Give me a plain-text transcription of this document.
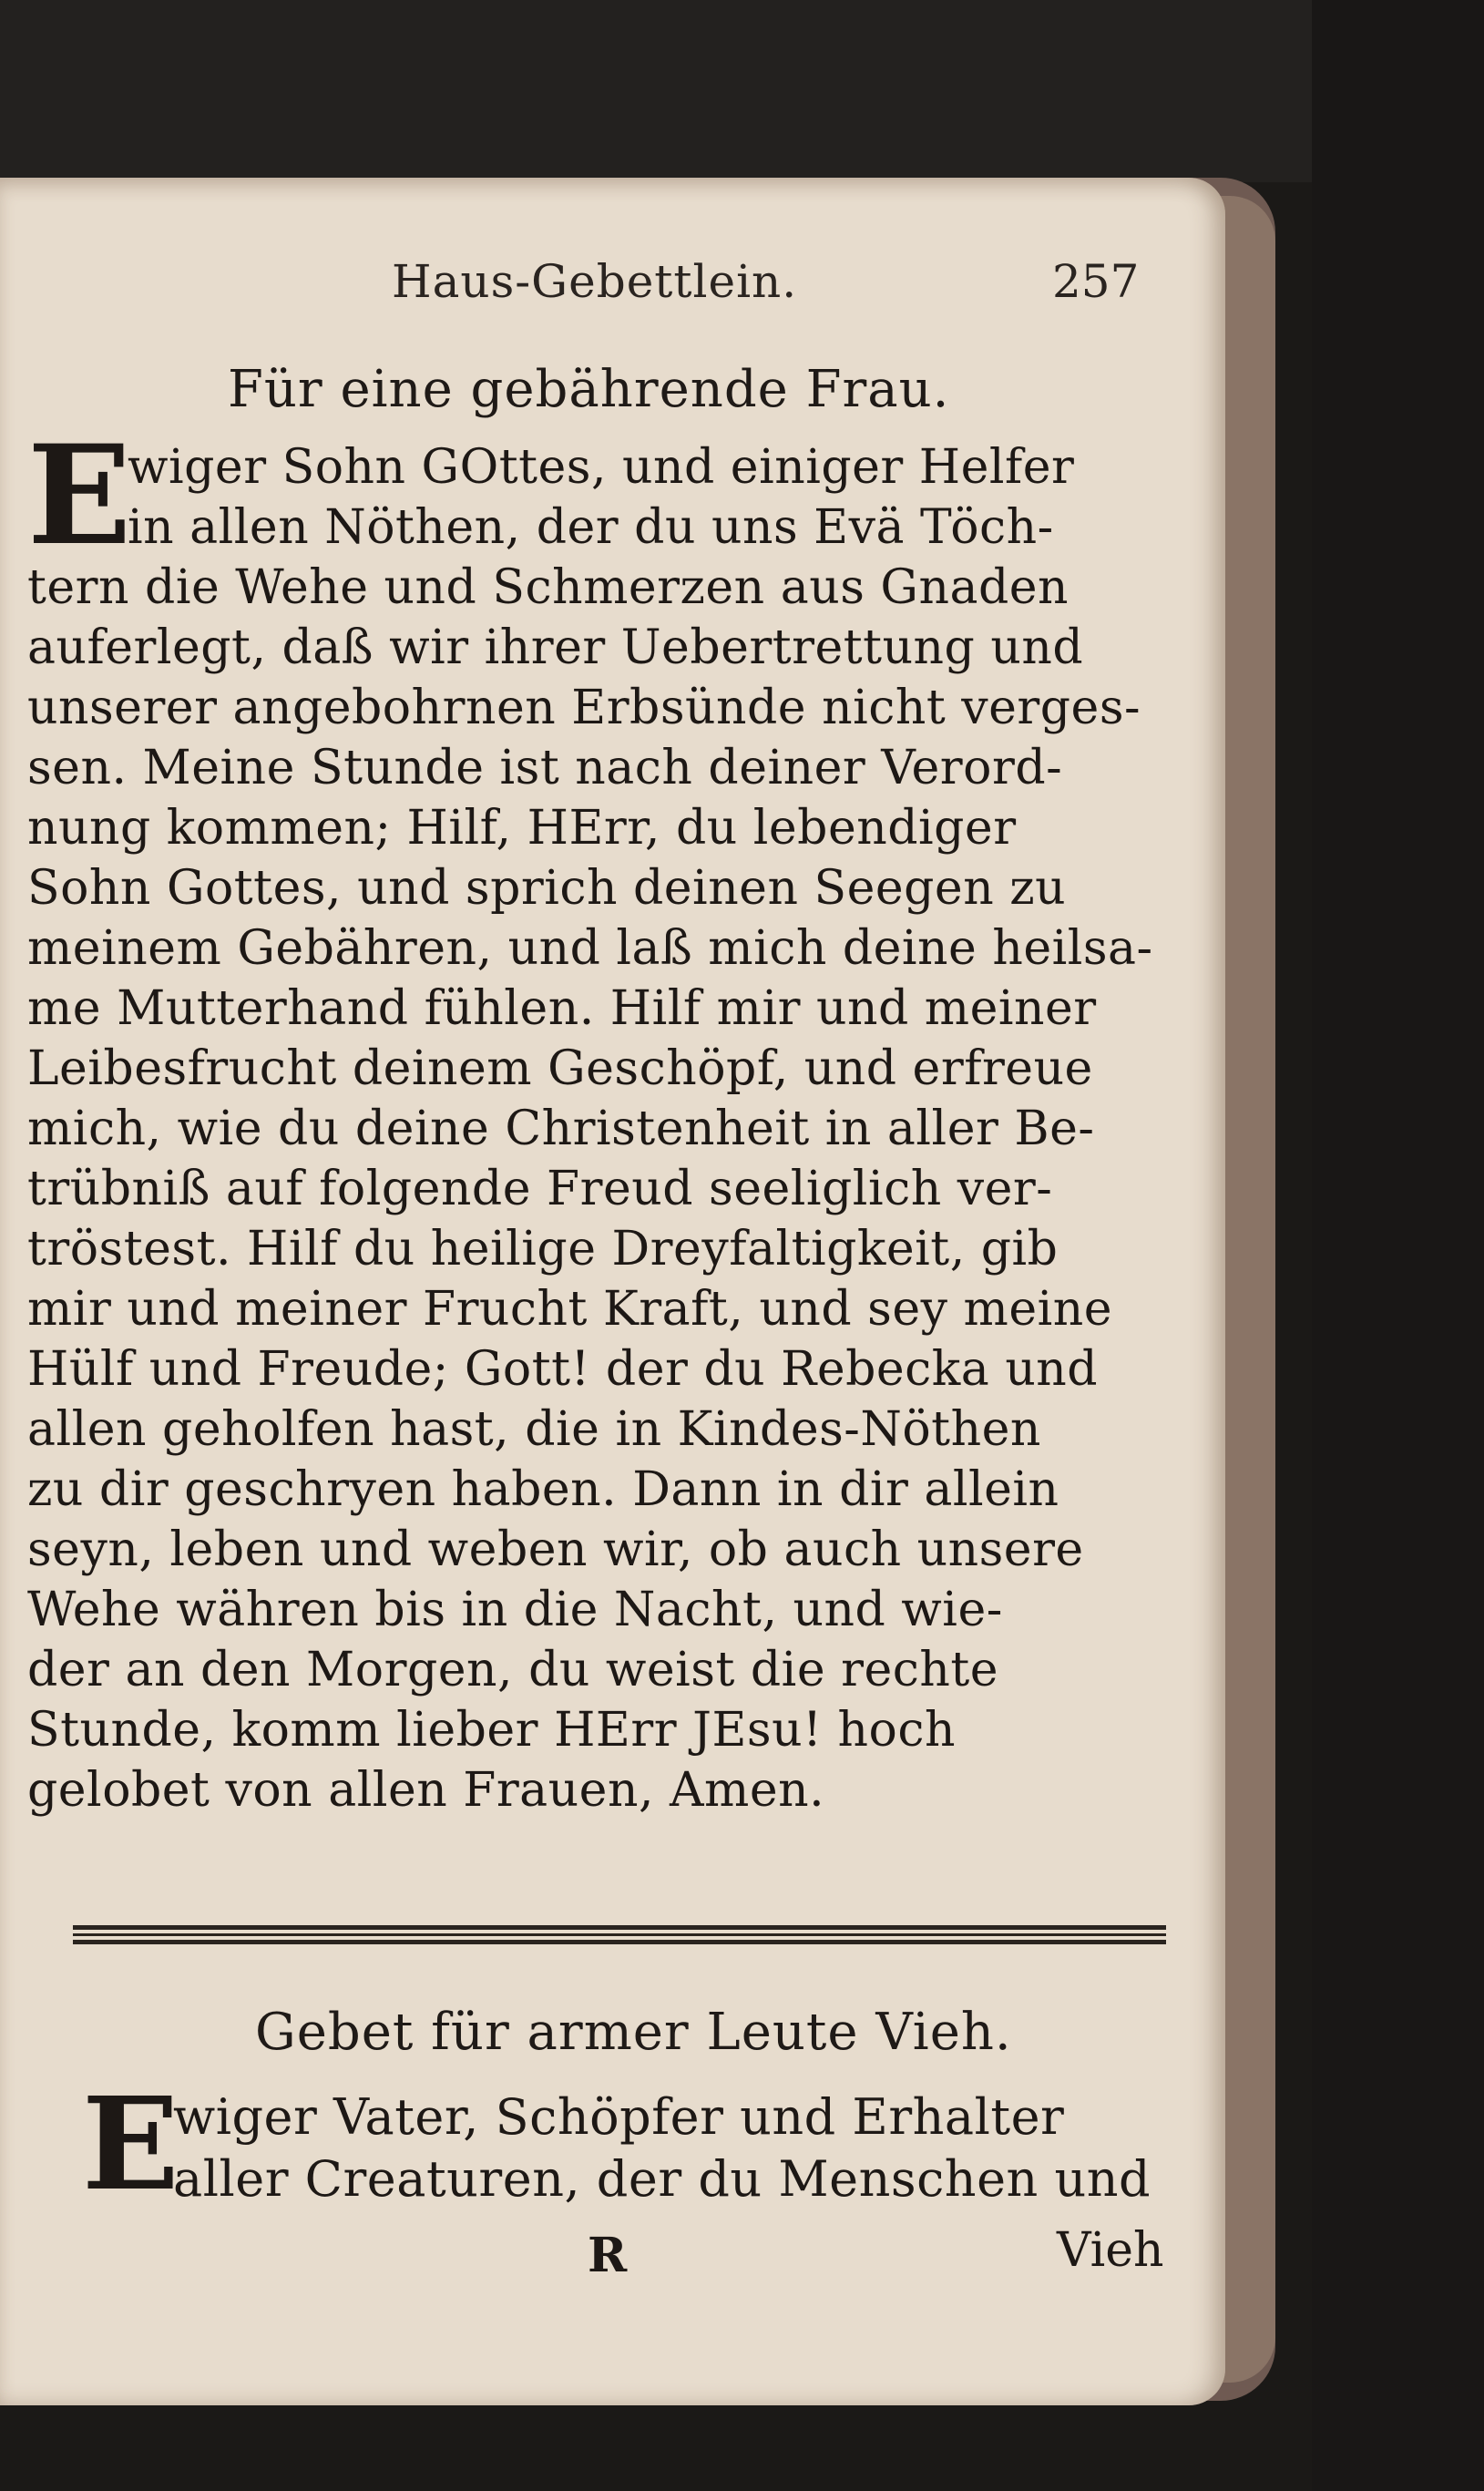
Haus-Gebettlein.	257
Für eine gebährende Frau.
E
wiger Sohn GOttes, und einiger Helfer
in allen Nöthen, der du uns Evä Töch-
tern die Wehe und Schmerzen aus Gnaden
auferlegt, daß wir ihrer Uebertrettung und
unserer angebohrnen Erbsünde nicht verges-
sen. Meine Stunde ist nach deiner Verord-
nung kommen; Hilf, HErr, du lebendiger
Sohn Gottes, und sprich deinen Seegen zu
meinem Gebähren, und laß mich deine heilsa-
me Mutterhand fühlen. Hilf mir und meiner
Leibesfrucht deinem Geschöpf, und erfreue
mich, wie du deine Christenheit in aller Be-
trübniß auf folgende Freud seeliglich ver-
tröstest. Hilf du heilige Dreyfaltigkeit, gib
mir und meiner Frucht Kraft, und sey meine
Hülf und Freude; Gott! der du Rebecka und
allen geholfen hast, die in Kindes-Nöthen
zu dir geschryen haben. Dann in dir allein
seyn, leben und weben wir, ob auch unsere
Wehe währen bis in die Nacht, und wie-
der an den Morgen, du weist die rechte
Stunde, komm lieber HErr JEsu! hoch
gelobet von allen Frauen, Amen.
Gebet für armer Leute Vieh.
E
wiger Vater, Schöpfer und Erhalter
aller Creaturen, der du Menschen und
R	Vieh
